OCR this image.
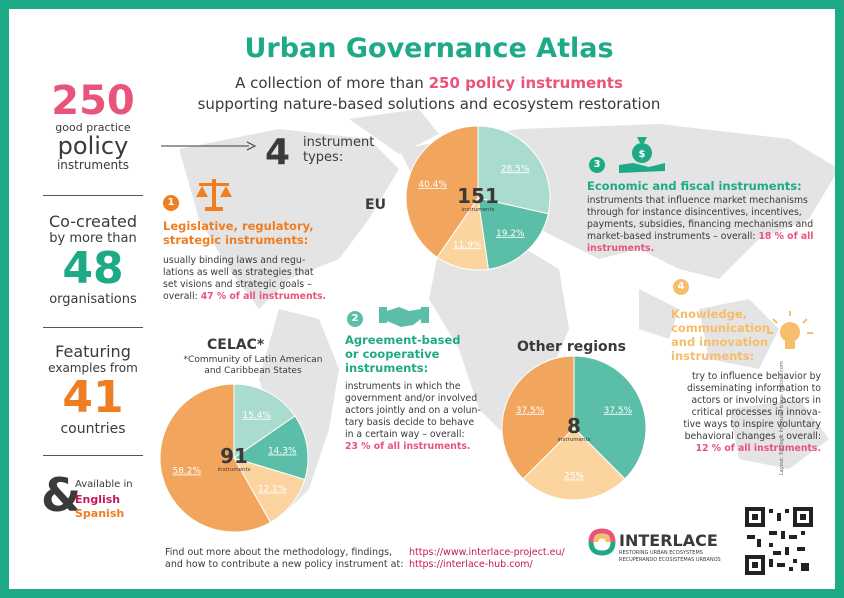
Urban Governance Atlas
A collection of more than 250 policy instruments
supporting nature-based solutions and ecosystem restoration
250
good practice
policy
instruments
Co-created
by more than
48
organisations
Featuring
examples from
41
countries
&
Available in
English
Spanish
4 instrument
types:
1
Legislative, regulatory,
strategic instruments:
usually binding laws and regu-
lations as well as strategies that
set visions and strategic goals –
overall: 47 % of all instruments.
2
Agreement-based
or cooperative
instruments:
instruments in which the
government and/or involved
actors jointly and on a volun-
tary basis decide to behave
in a certain way – overall:
23 % of all instruments.
3
$
Economic and fiscal instruments:
instruments that influence market mechanisms
through for instance disincentives, incentives,
payments, subsidies, financing mechanisms and
market-based instruments – overall: 18 % of all
instruments.
4
Knowledge,
communication
and innovation
instruments:
try to influence behavior by
disseminating information to
actors or involving actors in
critical processes in innova-
tive ways to inspire voluntary
behavioral changes – overall:
12 % of all instruments.
EU
CELAC*
*Community of Latin American
and Caribbean States
Other regions
28.5%
19.2%
11.9%
40.4% 151
instruments
15.4%
14.3%
12.1%
58.2%
91
instruments
37.5%
25%
37.5%
8
instruments
Find out more about the methodology, findings,
and how to contribute a new policy instrument at:
https://www.interlace-project.eu/
https://interlace-hub.com/
INTERLACE
RESTORING URBAN ECOSYSTEMS
RECUPERANDO ECOSISTEMAS URBANOS
Layout: Ecologic Institute; Icons: flaticon.com
